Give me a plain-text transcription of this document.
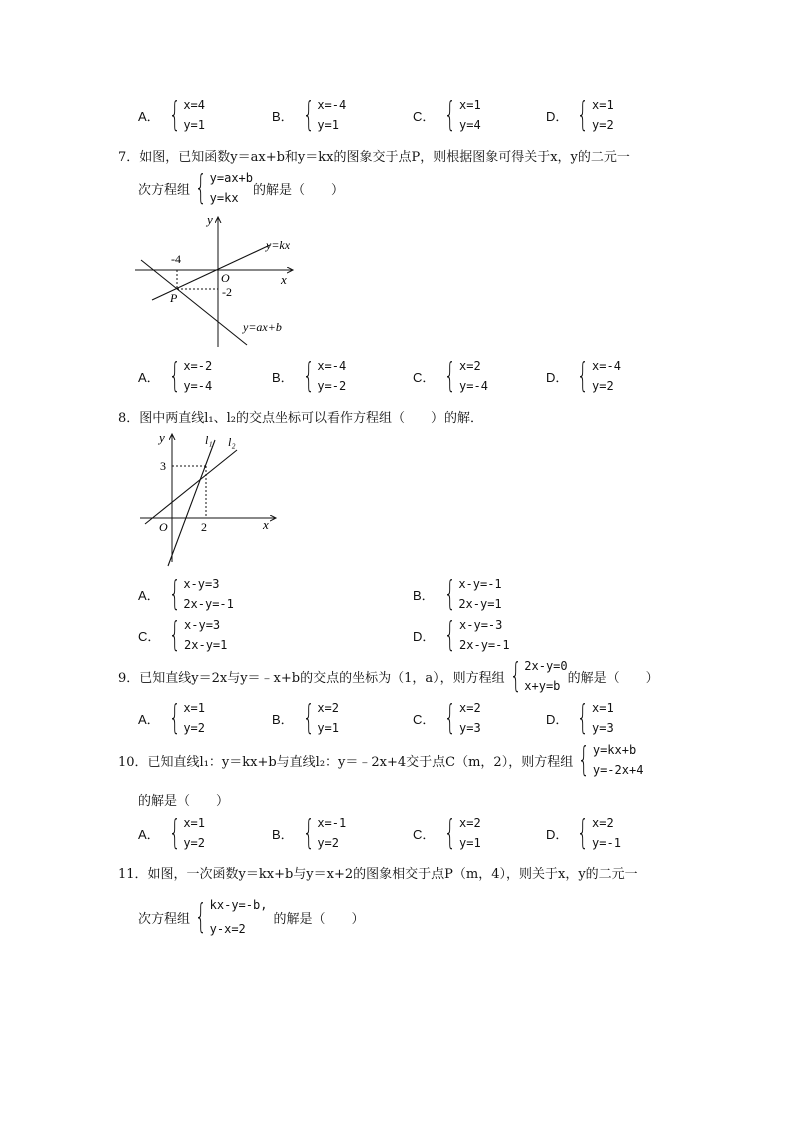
A． { x=4
y=1
B． { x=-4
y=1
C． { x=1
y=4
D． { x=1
y=2
7．如图，已知函数y＝ax+b和y＝kx的图象交于点P，则根据图象可得关于x，y的二元一
次方程组 { y=ax+b
y=kx
的解是（　　）
y
x
O
-4
-2
P
y=kx
y=ax+b
A． { x=-2
y=-4
B． { x=-4
y=-2
C． { x=2
y=-4
D． { x=-4
y=2
8．图中两直线l₁、l₂的交点坐标可以看作方程组（　　）的解．
y
x
O	2
3
l₁ l₂
A． { x-y=3
2x-y=-1
B． { x-y=-1
2x-y=1
C． { x-y=3
2x-y=1
D． { x-y=-3
2x-y=-1
9．已知直线y＝2x与y＝﹣x+b的交点的坐标为（1，a），则方程组 { 2x-y=0
x+y=b
的解是（　　）
A． { x=1
y=2
B． { x=2
y=1
C． { x=2
y=3
D． { x=1
y=3
10．已知直线l₁：y＝kx+b与直线l₂：y＝﹣2x+4交于点C（m，2），则方程组 { y=kx+b
y=-2x+4
的解是（　　）
A． { x=1
y=2
B． { x=-1
y=2
C． { x=2
y=1
D． { x=2
y=-1
11．如图，一次函数y＝kx+b与y＝x+2的图象相交于点P（m，4），则关于x，y的二元一
次方程组 { kx-y=-b,
y-x=2
的解是（　　）
